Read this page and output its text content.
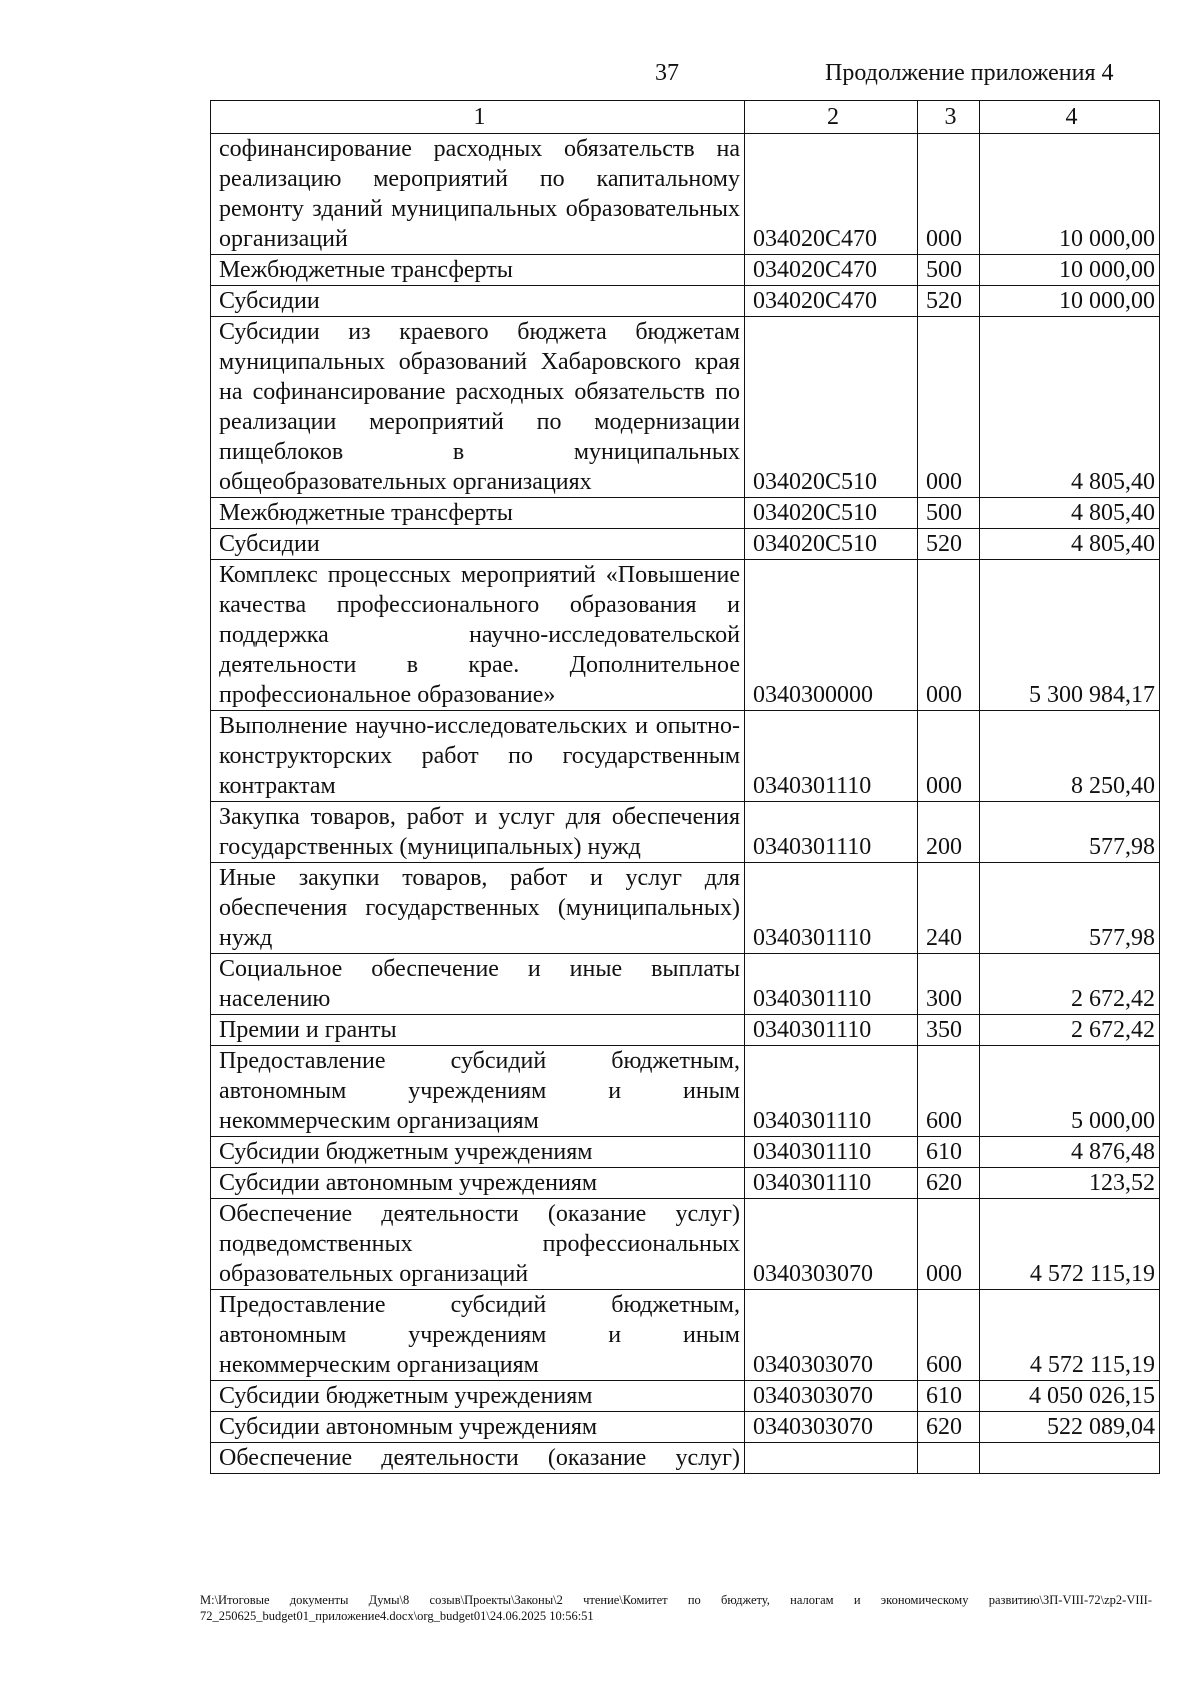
37	Продолжение приложения 4
1	2	3	4
софинансирование расходных обязательств на реализацию мероприятий по капитальному ремонту зданий муниципальных образовательных организаций	034020C470	000	10 000,00
Межбюджетные трансферты	034020C470	500	10 000,00
Субсидии	034020C470	520	10 000,00
Субсидии из краевого бюджета бюджетам муниципальных образований Хабаровского края на софинансирование расходных обязательств по реализации мероприятий по модернизации пищеблоков в муниципальных общеобразовательных организациях	034020C510	000	4 805,40
Межбюджетные трансферты	034020C510	500	4 805,40
Субсидии	034020C510	520	4 805,40
Комплекс процессных мероприятий «Повышение качества профессионального образования и поддержка научно-исследовательской деятельности в крае. Дополнительное профессиональное образование»	0340300000	000	5 300 984,17
Выполнение научно-исследовательских и опытно-конструкторских работ по государственным контрактам	0340301110	000	8 250,40
Закупка товаров, работ и услуг для обеспечения государственных (муниципальных) нужд	0340301110	200	577,98
Иные закупки товаров, работ и услуг для обеспечения государственных (муниципальных) нужд	0340301110	240	577,98
Социальное обеспечение и иные выплаты населению	0340301110	300	2 672,42
Премии и гранты	0340301110	350	2 672,42
Предоставление субсидий бюджетным, автономным учреждениям и иным некоммерческим организациям	0340301110	600	5 000,00
Субсидии бюджетным учреждениям	0340301110	610	4 876,48
Субсидии автономным учреждениям	0340301110	620	123,52
Обеспечение деятельности (оказание услуг) подведомственных профессиональных образовательных организаций	0340303070	000	4 572 115,19
Предоставление субсидий бюджетным, автономным учреждениям и иным некоммерческим организациям	0340303070	600	4 572 115,19
Субсидии бюджетным учреждениям	0340303070	610	4 050 026,15
Субсидии автономным учреждениям	0340303070	620	522 089,04
Обеспечение деятельности (оказание услуг)			
M:\Итоговые документы Думы\8 созыв\Проекты\Законы\2 чтение\Комитет по бюджету, налогам и экономическому развитию\ЗП-VIII-72\zp2-VIII-72_250625_budget01_приложение4.docx\org_budget01\24.06.2025 10:56:51
